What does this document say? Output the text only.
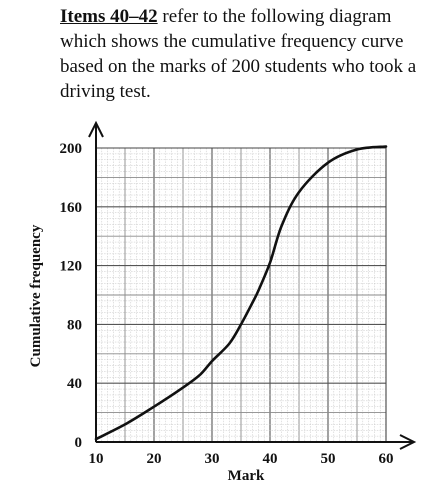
Items 40–42 refer to the following diagram which shows the cumulative frequency curve based on the marks of 200 students who took a driving test.

10	20	30	40	50	60
0
40
80
120
160
200
Mark
Cumulative frequency
